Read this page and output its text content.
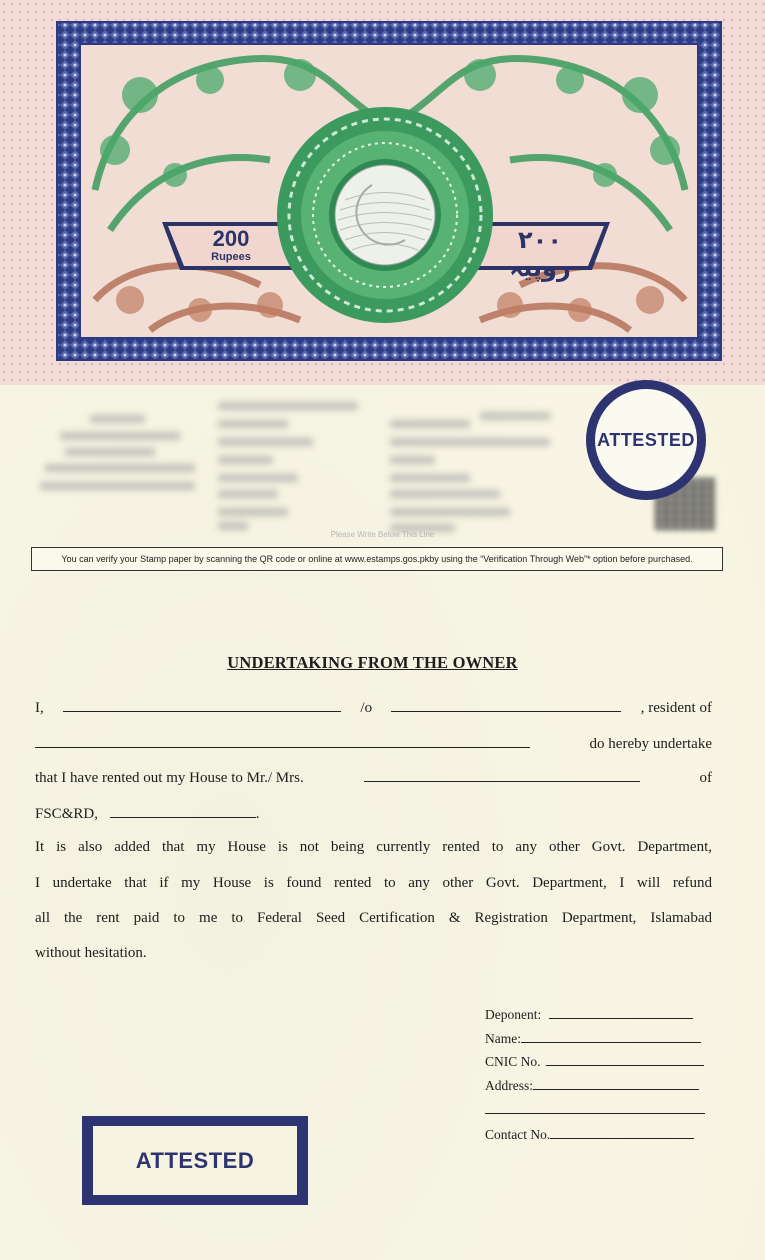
200
Rupees
۲۰۰ روپیہ
Please Write Below This Line
You can verify your Stamp paper by scanning the QR code or online at www.estamps.gos.pkby using the “Verification Through Web”* option before purchased.
ATTESTED
UNDERTAKING FROM THE OWNER
I,	/o	, resident of
do hereby undertake
that I have rented out my House to Mr./ Mrs.	of
FSC&RD,	.
It is also added that my House is not being currently rented to any other Govt. Department,
I undertake that if my House is found rented to any other Govt. Department, I will refund
all the rent paid to me to Federal Seed Certification & Registration Department, Islamabad
without hesitation.
Deponent:
Name:
CNIC No.
Address:
Contact No.
ATTESTED
